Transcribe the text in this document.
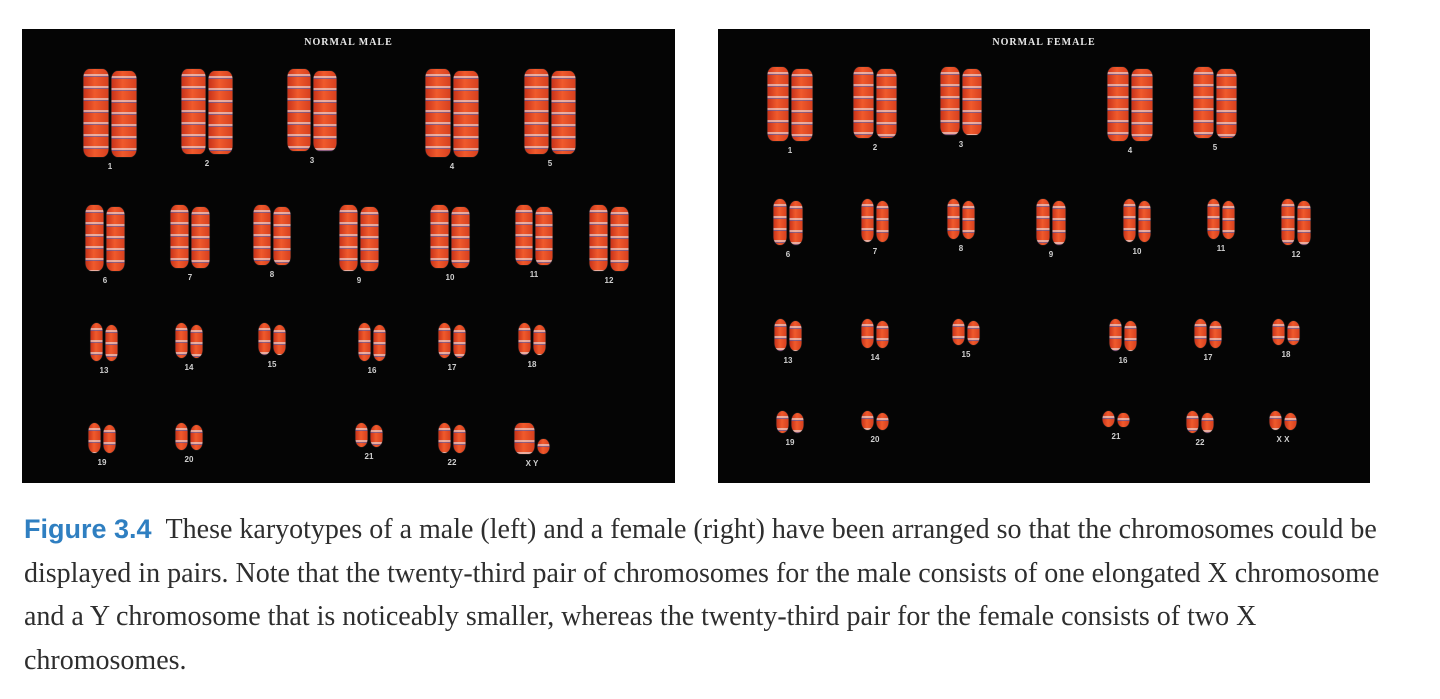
NORMAL MALE
1	2	3
4	5
6	7	8
9	10	11
12
13	14	15
16	17	18
19	20	21
22	X Y
NORMAL FEMALE
1	2	3
4	5
6	7	8
9	10	11
12
13	14	15
16	17	18
19	20	21
22	X X
Figure 3.4 These karyotypes of a male (left) and a female (right) have been arranged so that the chromosomes could be displayed in pairs. Note that the twenty-third pair of chromosomes for the male consists of one elongated X chromosome and a Y chromosome that is noticeably smaller, whereas the twenty-third pair for the female consists of two X chromosomes.
